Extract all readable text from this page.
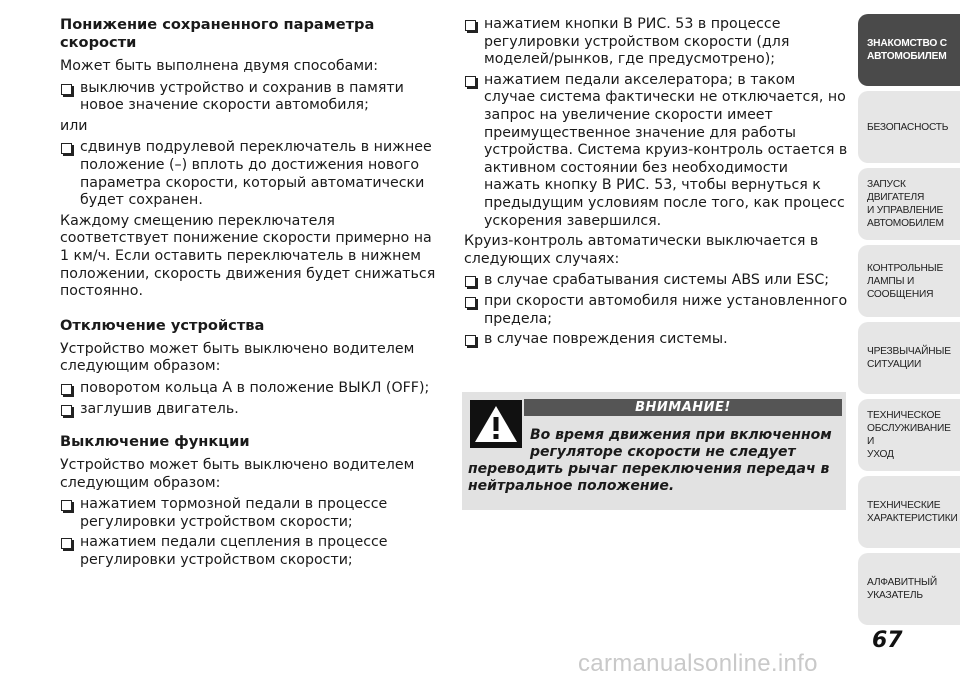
Понижение сохраненного параметра скорости
Может быть выполнена двумя способами:
выключив устройство и сохранив в памяти новое значение скорости автомобиля;
или
сдвинув подрулевой переключатель в нижнее положение (–) вплоть до достижения нового параметра скорости, который автоматически будет сохранен.
Каждому смещению переключателя соответствует понижение скорости примерно на 1 км/ч. Если оставить переключатель в нижнем положении, скорость движения будет снижаться постоянно.
Отключение устройства
Устройство может быть выключено водителем следующим образом:
поворотом кольца А в положение ВЫКЛ (OFF);
заглушив двигатель.
Выключение функции
Устройство может быть выключено водителем следующим образом:
нажатием тормозной педали в процессе регулировки устройством скорости;
нажатием педали сцепления в процессе регулировки устройством скорости;
нажатием кнопки В РИС. 53 в процессе регулировки устройством скорости (для моделей/рынков, где предусмотрено);
нажатием педали акселератора; в таком случае система фактически не отключается, но запрос на увеличение скорости имеет преимущественное значение для работы устройства. Система круиз-контроль остается в активном состоянии без необходимости нажать кнопку В РИС. 53, чтобы вернуться к предыдущим условиям после того, как процесс ускорения завершился.
Круиз-контроль автоматически выключается в следующих случаях:
в случае срабатывания системы ABS или ESC;
при скорости автомобиля ниже установленного предела;
в случае повреждения системы.
ВНИМАНИЕ!
Во время движения при включенном регуляторе скорости не следует
переводить рычаг переключения передач в нейтральное положение.
ЗНАКОМСТВО С
АВТОМОБИЛЕМ
БЕЗОПАСНОСТЬ
ЗАПУСК ДВИГАТЕЛЯ
И УПРАВЛЕНИЕ
АВТОМОБИЛЕМ
КОНТРОЛЬНЫЕ
ЛАМПЫ И
СООБЩЕНИЯ
ЧРЕЗВЫЧАЙНЫЕ
СИТУАЦИИ
ТЕХНИЧЕСКОЕ
ОБСЛУЖИВАНИЕ И
УХОД
ТЕХНИЧЕСКИЕ
ХАРАКТЕРИСТИКИ
АЛФАВИТНЫЙ
УКАЗАТЕЛЬ
67
carmanualsonline.info
